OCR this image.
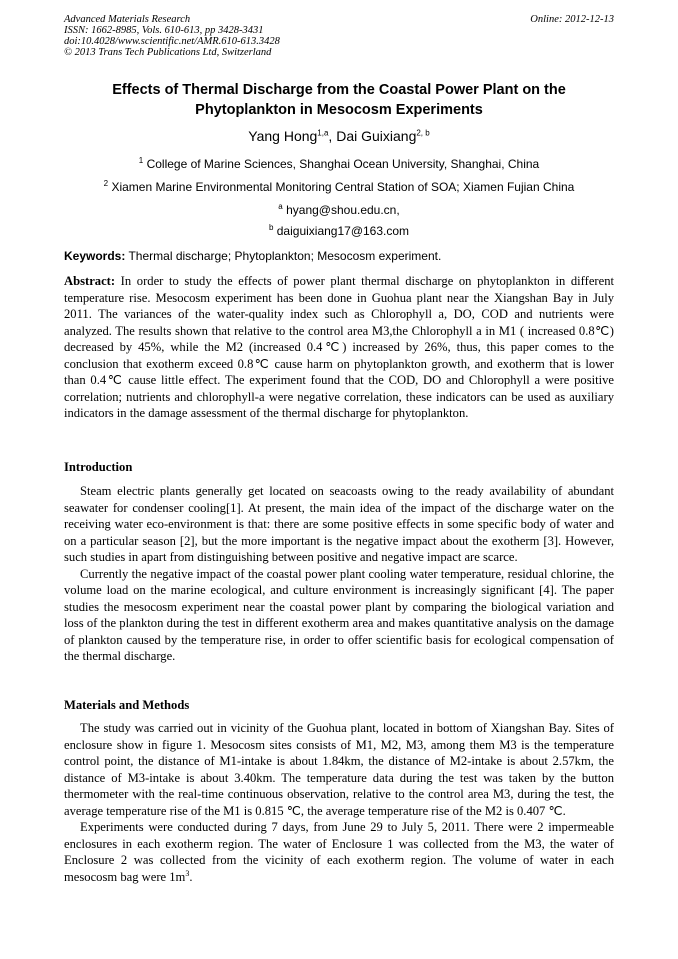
Advanced Materials Research
ISSN: 1662-8985, Vols. 610-613, pp 3428-3431
doi:10.4028/www.scientific.net/AMR.610-613.3428
© 2013 Trans Tech Publications Ltd, Switzerland
Online: 2012-12-13
Effects of Thermal Discharge from the Coastal Power Plant on the
Phytoplankton in Mesocosm Experiments
Yang Hong$^{1,a}$, Dai Guixiang$^{2, b}$
$^1$ College of Marine Sciences, Shanghai Ocean University, Shanghai, China
$^2$ Xiamen Marine Environmental Monitoring Central Station of SOA; Xiamen Fujian China
$^a$ hyang@shou.edu.cn,
$^b$ daiguixiang17@163.com
Keywords: Thermal discharge; Phytoplankton; Mesocosm experiment.
Abstract: In order to study the effects of power plant thermal discharge on phytoplankton in different temperature rise. Mesocosm experiment has been done in Guohua plant near the Xiangshan Bay in July 2011. The variances of the water-quality index such as Chlorophyll a, DO, COD and nutrients were analyzed. The results shown that relative to the control area M3,the Chlorophyll a in M1 ( increased 0.8℃) decreased by 45%, while the M2 (increased 0.4℃) increased by 26%, thus, this paper comes to the conclusion that exotherm exceed 0.8℃ cause harm on phytoplankton growth, and exotherm that is lower than 0.4℃ cause little effect. The experiment found that the COD, DO and Chlorophyll a were positive correlation; nutrients and chlorophyll-a were negative correlation, these indicators can be used as auxiliary indicators in the damage assessment of the thermal discharge for phytoplankton.
Introduction

Steam electric plants generally get located on seacoasts owing to the ready availability of abundant seawater for condenser cooling[1]. At present, the main idea of the impact of the discharge water on the receiving water eco-environment is that: there are some positive effects in some specific body of water and on a particular season [2], but the more important is the negative impact about the exotherm [3]. However, such studies in apart from distinguishing between positive and negative impact are scarce.

Currently the negative impact of the coastal power plant cooling water temperature, residual chlorine, the volume load on the marine ecological, and culture environment is increasingly significant [4]. The paper studies the mesocosm experiment near the coastal power plant by comparing the biological variation and loss of the plankton during the test in different exotherm area and makes quantitative analysis on the damage of plankton caused by the temperature rise, in order to offer scientific basis for ecological compensation of the thermal discharge.

Materials and Methods

The study was carried out in vicinity of the Guohua plant, located in bottom of Xiangshan Bay. Sites of enclosure show in figure 1. Mesocosm sites consists of M1, M2, M3, among them M3 is the temperature control point, the distance of M1-intake is about 1.84km, the distance of M2-intake is about 2.57km, the distance of M3-intake is about 3.40km. The temperature data during the test was taken by the button thermometer with the real-time continuous observation, relative to the control area M3, during the test, the average temperature rise of the M1 is 0.815 ℃, the average temperature rise of the M2 is 0.407 ℃.

Experiments were conducted during 7 days, from June 29 to July 5, 2011. There were 2 impermeable enclosures in each exotherm region. The water of Enclosure 1 was collected from the M3, the water of Enclosure 2 was collected from the vicinity of each exotherm region. The volume of water in each mesocosm bag were $1m^3$.
